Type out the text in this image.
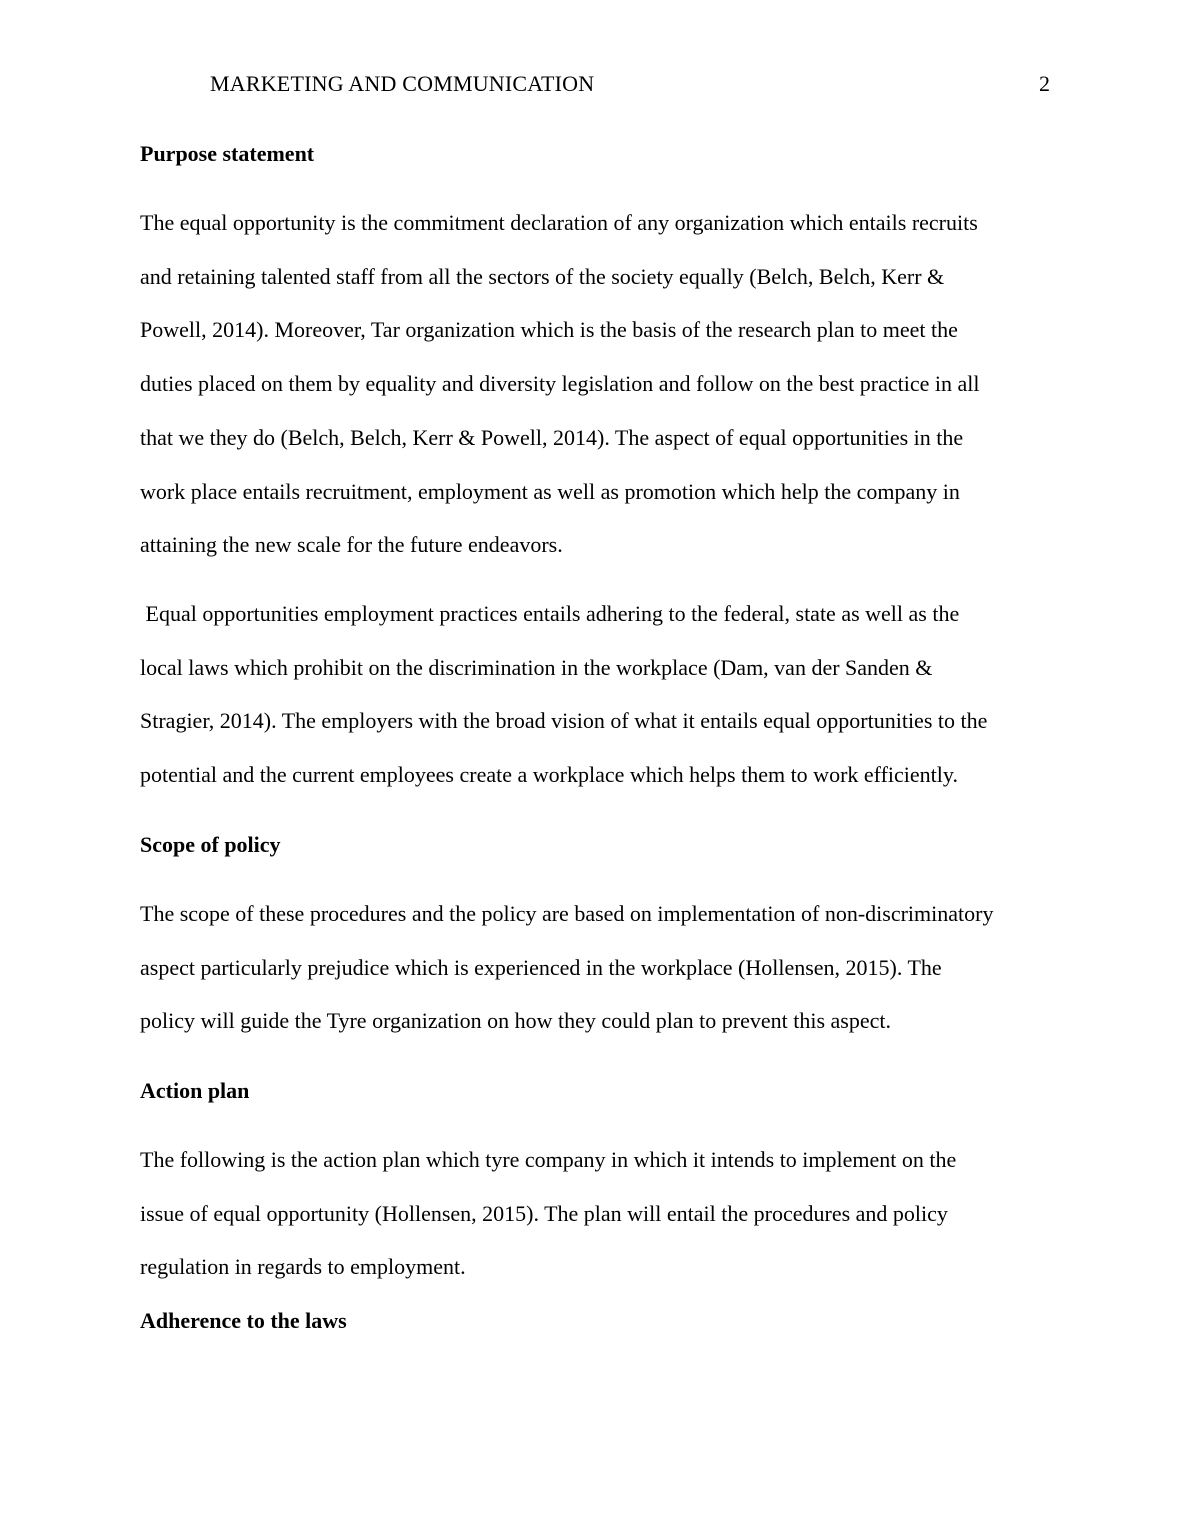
MARKETING AND COMMUNICATION	2
Purpose statement

The equal opportunity is the commitment declaration of any organization which entails recruits
and retaining talented staff from all the sectors of the society equally (Belch, Belch, Kerr &
Powell, 2014). Moreover, Tar organization which is the basis of the research plan to meet the
duties placed on them by equality and diversity legislation and follow on the best practice in all
that we they do (Belch, Belch, Kerr & Powell, 2014). The aspect of equal opportunities in the
work place entails recruitment, employment as well as promotion which help the company in
attaining the new scale for the future endeavors.

Equal opportunities employment practices entails adhering to the federal, state as well as the
local laws which prohibit on the discrimination in the workplace (Dam, van der Sanden &
Stragier, 2014). The employers with the broad vision of what it entails equal opportunities to the
potential and the current employees create a workplace which helps them to work efficiently.

Scope of policy

The scope of these procedures and the policy are based on implementation of non-discriminatory
aspect particularly prejudice which is experienced in the workplace (Hollensen, 2015). The
policy will guide the Tyre organization on how they could plan to prevent this aspect.

Action plan

The following is the action plan which tyre company in which it intends to implement on the
issue of equal opportunity (Hollensen, 2015). The plan will entail the procedures and policy
regulation in regards to employment.

Adherence to the laws
